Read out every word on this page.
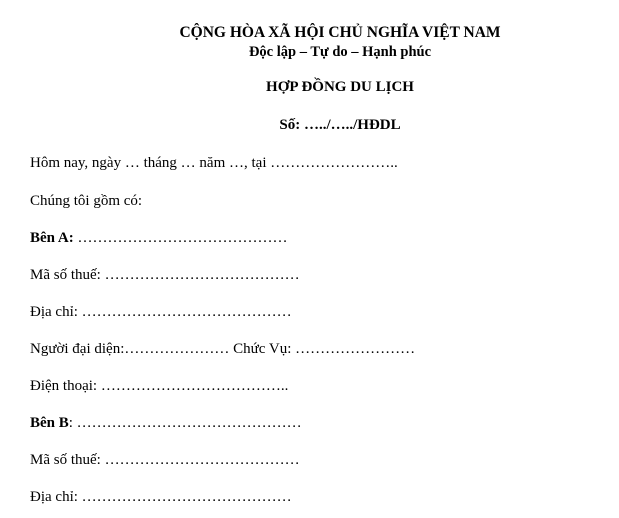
CỘNG HÒA XÃ HỘI CHỦ NGHĨA VIỆT NAM
Độc lập – Tự do – Hạnh phúc
HỢP ĐỒNG DU LỊCH
Số: …../…../HĐDL
Hôm nay, ngày … tháng … năm …, tại ……………………..
Chúng tôi gồm có:
Bên A: ……………………………………
Mã số thuế: …………………………………
Địa chỉ: ……………………………………
Người đại diện:………………… Chức Vụ: ……………………
Điện thoại: ………………………………..
Bên B: ………………………………………
Mã số thuế: …………………………………
Địa chỉ: ……………………………………
